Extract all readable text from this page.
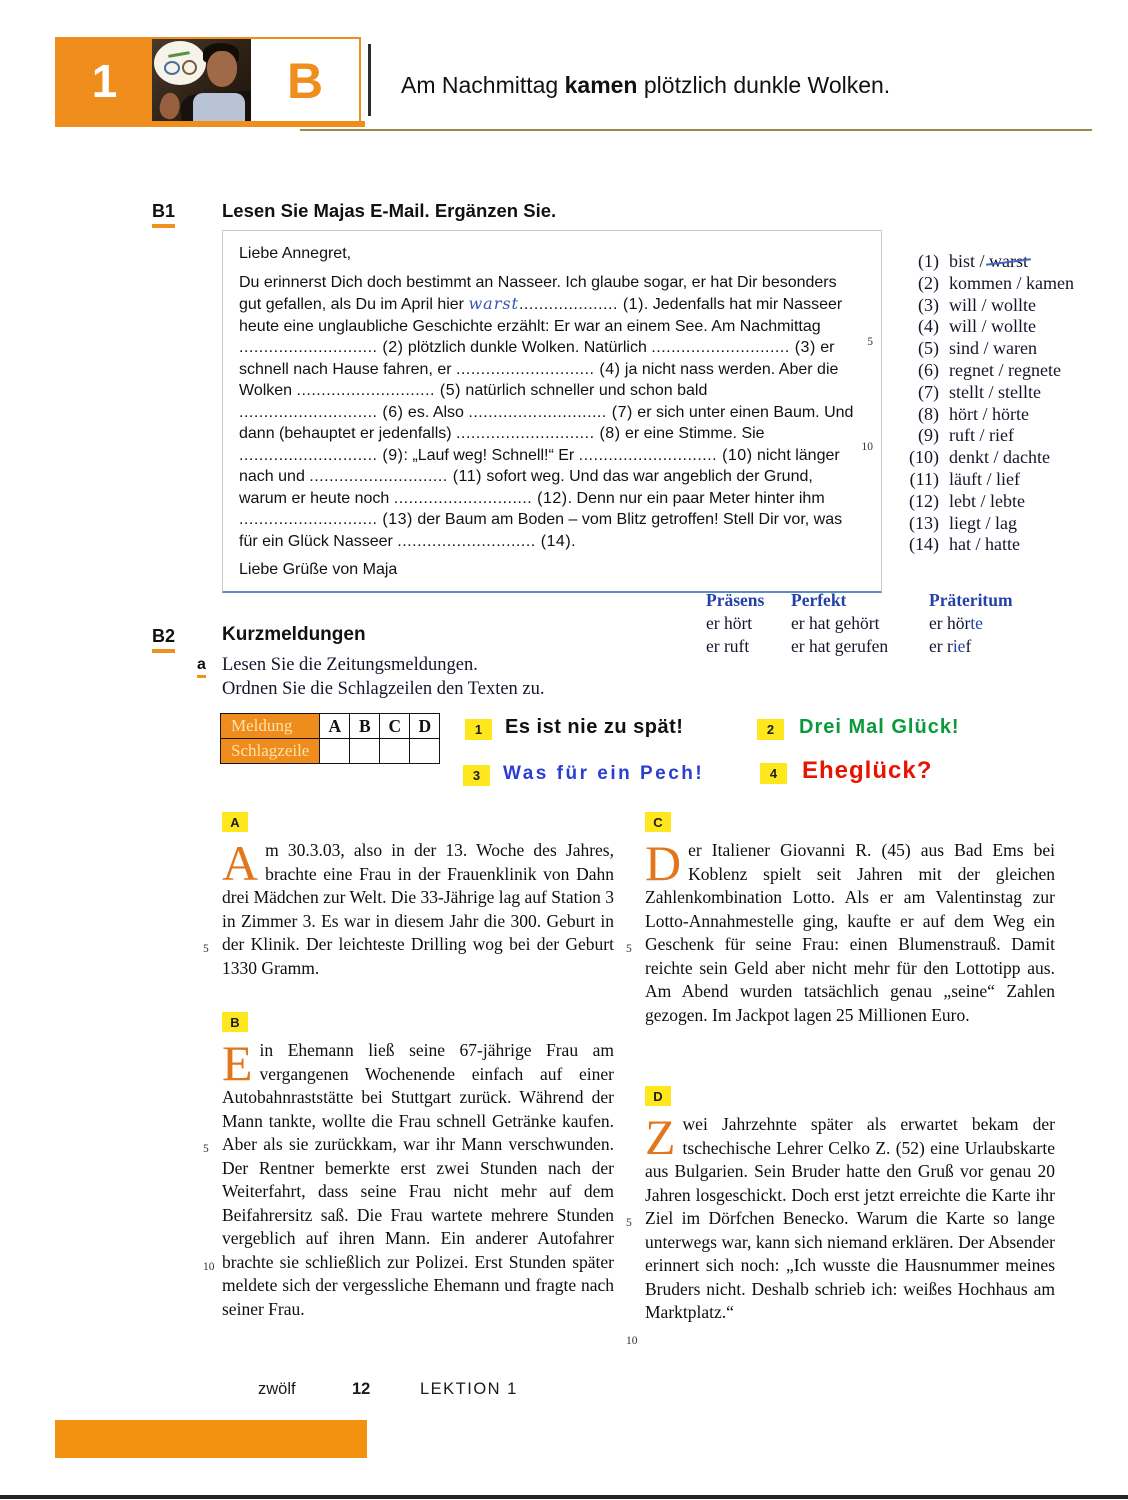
1	B	Am Nachmittag kamen plötzlich dunkle Wolken.
B1	Lesen Sie Majas E-Mail. Ergänzen Sie.
Liebe Annegret,

Du erinnerst Dich doch bestimmt an Nasseer. Ich glaube sogar, er hat Dir besonders gut gefallen, als Du im April hier warst.................... (1). Jedenfalls hat mir Nasseer heute eine unglaubliche Geschichte erzählt: Er war an einem See. Am Nachmittag ............................ (2) plötzlich dunkle Wolken. Natürlich ............................ (3) er schnell nach Hause fahren, er ............................ (4) ja nicht nass werden. Aber die Wolken ............................ (5) natürlich schneller und schon bald ............................ (6) es. Also ............................ (7) er sich unter einen Baum. Und dann (behauptet er jedenfalls) ............................ (8) er eine Stimme. Sie ............................ (9): „Lauf weg! Schnell!“ Er ............................ (10) nicht länger nach und ............................ (11) sofort weg. Und das war angeblich der Grund, warum er heute noch ............................ (12). Denn nur ein paar Meter hinter ihm ............................ (13) der Baum am Boden – vom Blitz getroffen! Stell Dir vor, was für ein Glück Nasseer ............................ (14).

Liebe Grüße von Maja
5
10
(1) bist / warst
(2) kommen / kamen
(3) will / wollte
(4) will / wollte
(5) sind / waren
(6) regnet / regnete
(7) stellt / stellte
(8) hört / hörte
(9) ruft / rief
(10) denkt / dachte
(11) läuft / lief
(12) lebt / lebte
(13) liegt / lag
(14) hat / hatte
Präsens	Perfekt	Präteritum
er hört	er hat gehört	er hörte
er ruft	er hat gerufen	er rief
B2 Kurzmeldungen
a Lesen Sie die Zeitungsmeldungen.
Ordnen Sie die Schlagzeilen den Texten zu.
Meldung	A	B	C	D
Schlagzeile				
1	Es ist nie zu spät!	2	Drei Mal Glück!
3	Was für ein Pech!	4	Eheglück?
A
Am 30.3.03, also in der 13. Woche des Jahres, brachte eine Frau in der Frauenklinik von Dahn drei Mädchen zur Welt. Die 33-Jährige lag auf Station 3 in Zimmer 3. Es war in diesem Jahr die 300. Geburt in der Klinik. Der leichteste Drilling wog bei der Geburt 1330 Gramm.
5
B
Ein Ehemann ließ seine 67-jährige Frau am vergangenen Wochenende einfach auf einer Autobahnraststätte bei Stuttgart zurück. Während der Mann tankte, wollte die Frau schnell Getränke kaufen. Aber als sie zurückkam, war ihr Mann verschwunden. Der Rentner bemerkte erst zwei Stunden nach der Weiterfahrt, dass seine Frau nicht mehr auf dem Beifahrersitz saß. Die Frau wartete mehrere Stunden vergeblich auf ihren Mann. Ein anderer Autofahrer brachte sie schließlich zur Polizei. Erst Stunden später meldete sich der vergessliche Ehemann und fragte nach seiner Frau.
5
10
C
Der Italiener Giovanni R. (45) aus Bad Ems bei Koblenz spielt seit Jahren mit der gleichen Zahlenkombination Lotto. Als er am Valentinstag zur Lotto-Annahmestelle ging, kaufte er auf dem Weg ein Geschenk für seine Frau: einen Blumenstrauß. Damit reichte sein Geld aber nicht mehr für den Lottotipp aus. Am Abend wurden tatsächlich genau „seine“ Zahlen gezogen. Im Jackpot lagen 25 Millionen Euro.
5
D
Zwei Jahrzehnte später als erwartet bekam der tschechische Lehrer Celko Z. (52) eine Urlaubskarte aus Bulgarien. Sein Bruder hatte den Gruß vor genau 20 Jahren losgeschickt. Doch erst jetzt erreichte die Karte ihr Ziel im Dörfchen Benecko. Warum die Karte so lange unterwegs war, kann sich niemand erklären. Der Absender erinnert sich noch: „Ich wusste die Hausnummer meines Bruders nicht. Deshalb schrieb ich: weißes Hochhaus am Marktplatz.“
5
10
zwölf	12	LEKTION 1
